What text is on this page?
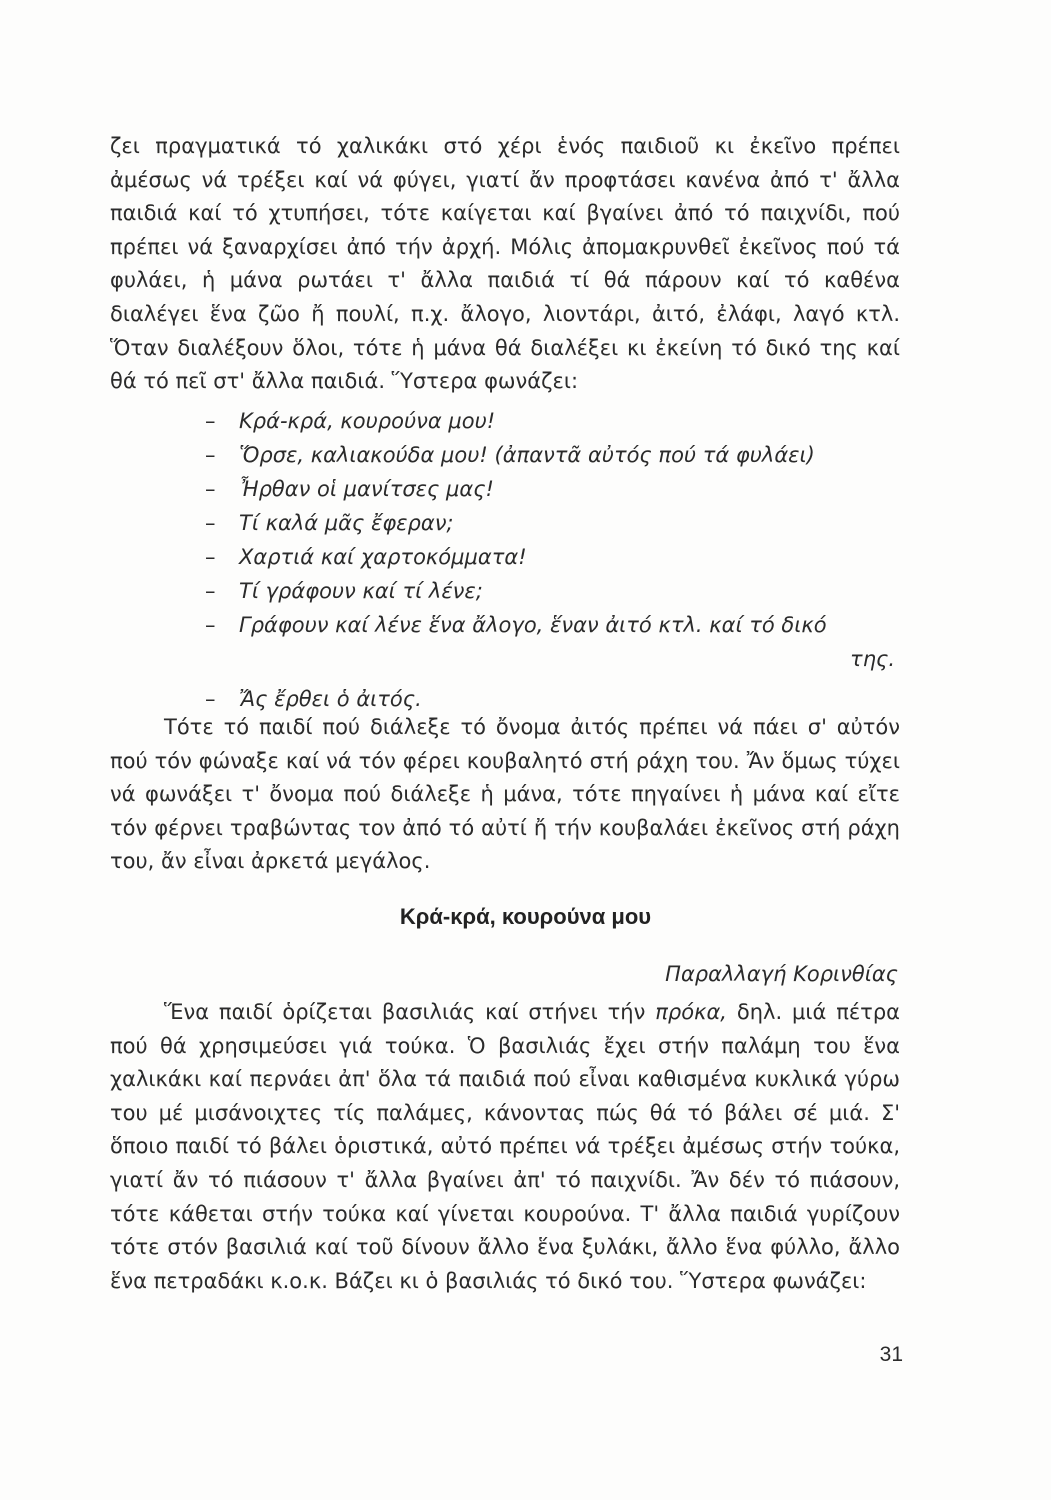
ζει πραγματικά τό χαλικάκι στό χέρι ἑνός παιδιοῦ κι ἐκεῖνο πρέπει ἀμέσως νά τρέξει καί νά φύγει, γιατί ἄν προφτάσει κανένα ἀπό τ' ἄλλα παιδιά καί τό χτυπήσει, τότε καίγεται καί βγαίνει ἀπό τό παιχνίδι, πού πρέπει νά ξαναρχίσει ἀπό τήν ἀρχή. Μόλις ἀπομακρυνθεῖ ἐκεῖνος πού τά φυλάει, ἡ μάνα ρωτάει τ' ἄλλα παιδιά τί θά πάρουν καί τό καθένα διαλέγει ἕνα ζῶο ἤ πουλί, π.χ. ἄλογο, λιοντάρι, ἀιτό, ἐλάφι, λαγό κτλ. Ὅταν διαλέξουν ὅλοι, τότε ἡ μάνα θά διαλέξει κι ἐκείνη τό δικό της καί θά τό πεῖ στ' ἄλλα παιδιά. Ὕστερα φωνάζει:

–	Κρά-κρά, κουρούνα μου!
–	Ὅρσε, καλιακούδα μου! (ἀπαντᾶ αὐτός πού τά φυλάει)
–	Ἦρθαν οἱ μανίτσες μας!
–	Τί καλά μᾶς ἔφεραν;
–	Χαρτιά καί χαρτοκόμματα!
–	Τί γράφουν καί τί λένε;
–	Γράφουν καί λένε ἕνα ἄλογο, ἕναν ἀιτό κτλ. καί τό δικό
της.
–	Ἄς ἔρθει ὁ ἀιτός.

Τότε τό παιδί πού διάλεξε τό ὄνομα ἀιτός πρέπει νά πάει σ' αὐτόν πού τόν φώναξε καί νά τόν φέρει κουβαλητό στή ράχη του. Ἄν ὅμως τύχει νά φωνάξει τ' ὄνομα πού διάλεξε ἡ μάνα, τότε πηγαίνει ἡ μάνα καί εἴτε τόν φέρνει τραβώντας τον ἀπό τό αὐτί ἤ τήν κουβαλάει ἐκεῖνος στή ράχη του, ἄν εἶναι ἀρκετά μεγάλος.

Κρά-κρά, κουρούνα μου
Παραλλαγή Κορινθίας

Ἕνα παιδί ὁρίζεται βασιλιάς καί στήνει τήν πρόκα, δηλ. μιά πέτρα πού θά χρησιμεύσει γιά τούκα. Ὁ βασιλιάς ἔχει στήν παλάμη του ἕνα χαλικάκι καί περνάει ἀπ' ὅλα τά παιδιά πού εἶναι καθισμένα κυκλικά γύρω του μέ μισάνοιχτες τίς παλάμες, κάνοντας πώς θά τό βάλει σέ μιά. Σ' ὅποιο παιδί τό βάλει ὁριστικά, αὐτό πρέπει νά τρέξει ἀμέσως στήν τούκα, γιατί ἄν τό πιάσουν τ' ἄλλα βγαίνει ἀπ' τό παιχνίδι. Ἄν δέν τό πιάσουν, τότε κάθεται στήν τούκα καί γίνεται κουρούνα. Τ' ἄλλα παιδιά γυρίζουν τότε στόν βασιλιά καί τοῦ δίνουν ἄλλο ἕνα ξυλάκι, ἄλλο ἕνα φύλλο, ἄλλο ἕνα πετραδάκι κ.ο.κ. Βάζει κι ὁ βασιλιάς τό δικό του. Ὕστερα φωνάζει:

31
